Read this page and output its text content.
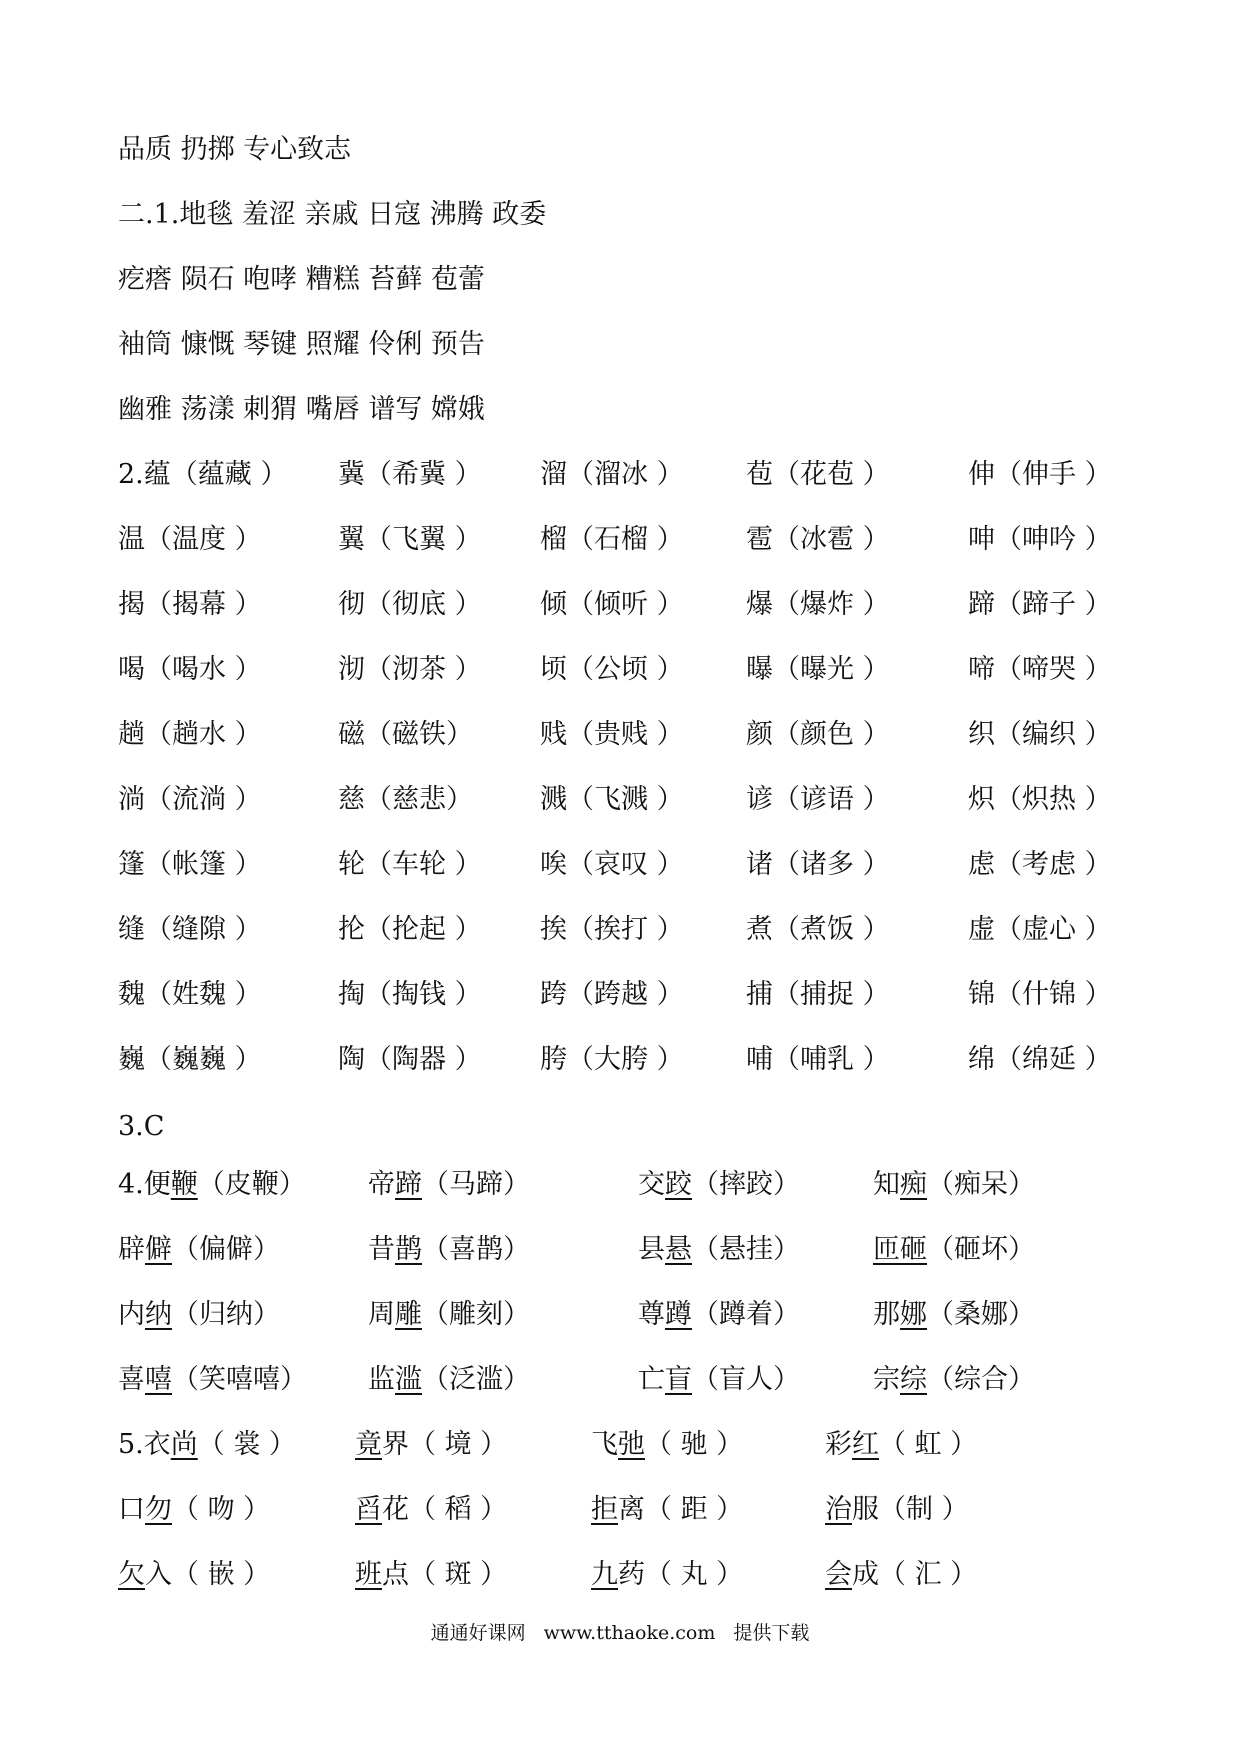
品质 扔掷 专心致志
二.1.地毯 羞涩 亲戚 日寇 沸腾 政委
疙瘩 陨石 咆哮 糟糕 苔藓 苞蕾
袖筒 慷慨 琴键 照耀 伶俐 预告
幽雅 荡漾 刺猬 嘴唇 谱写 嫦娥
2.蕴（蕴藏 ） 冀（希冀 ） 溜（溜冰 ） 苞（花苞 ）	伸（伸手 ）
温（温度 ）	翼（飞翼 ） 榴（石榴 ） 雹（冰雹 ）	呻（呻吟 ）
揭（揭幕 ）	彻（彻底 ） 倾（倾听 ） 爆（爆炸 ）	蹄（蹄子 ）
喝（喝水 ）	沏（沏茶 ） 顷（公顷 ） 曝（曝光 ）	啼（啼哭 ）
趟（趟水 ）	磁（磁铁） 贱（贵贱 ） 颜（颜色 ）	织（编织 ）
淌（流淌 ）	慈（慈悲） 溅（飞溅 ） 谚（谚语 ）	炽（炽热 ）
篷（帐篷 ）	轮（车轮 ） 唉（哀叹 ） 诸（诸多 ）	虑（考虑 ）
缝（缝隙 ）	抡（抡起 ） 挨（挨打 ） 煮（煮饭 ）	虚（虚心 ）
魏（姓魏 ）	掏（掏钱 ） 跨（跨越 ） 捕（捕捉 ）	锦（什锦 ）
巍（巍巍 ）	陶（陶器 ） 胯（大胯 ） 哺（哺乳 ）	绵（绵延 ）
3.C
4.便鞭（皮鞭） 帝蹄（马蹄）	交跤（摔跤）	知痴（痴呆）
辟僻（偏僻）	昔鹊（喜鹊）	县悬（悬挂）	匝砸（砸坏）
内纳（归纳）	周雕（雕刻）	尊蹲（蹲着）	那娜（桑娜）
喜嘻（笑嘻嘻） 监滥（泛滥）	亡盲（盲人）	宗综（综合）
5.衣尚（ 裳 ） 竟界（ 境 ）	飞弛（ 驰 ）	彩红（ 虹 ）
口勿（ 吻 ）	舀花（ 稻 ）	拒离（ 距 ）	治服（制 ）
欠入（ 嵌 ）	班点（ 斑 ）	九药（ 丸 ）	会成（ 汇 ）
通通好课网 www.tthaoke.com 提供下载
